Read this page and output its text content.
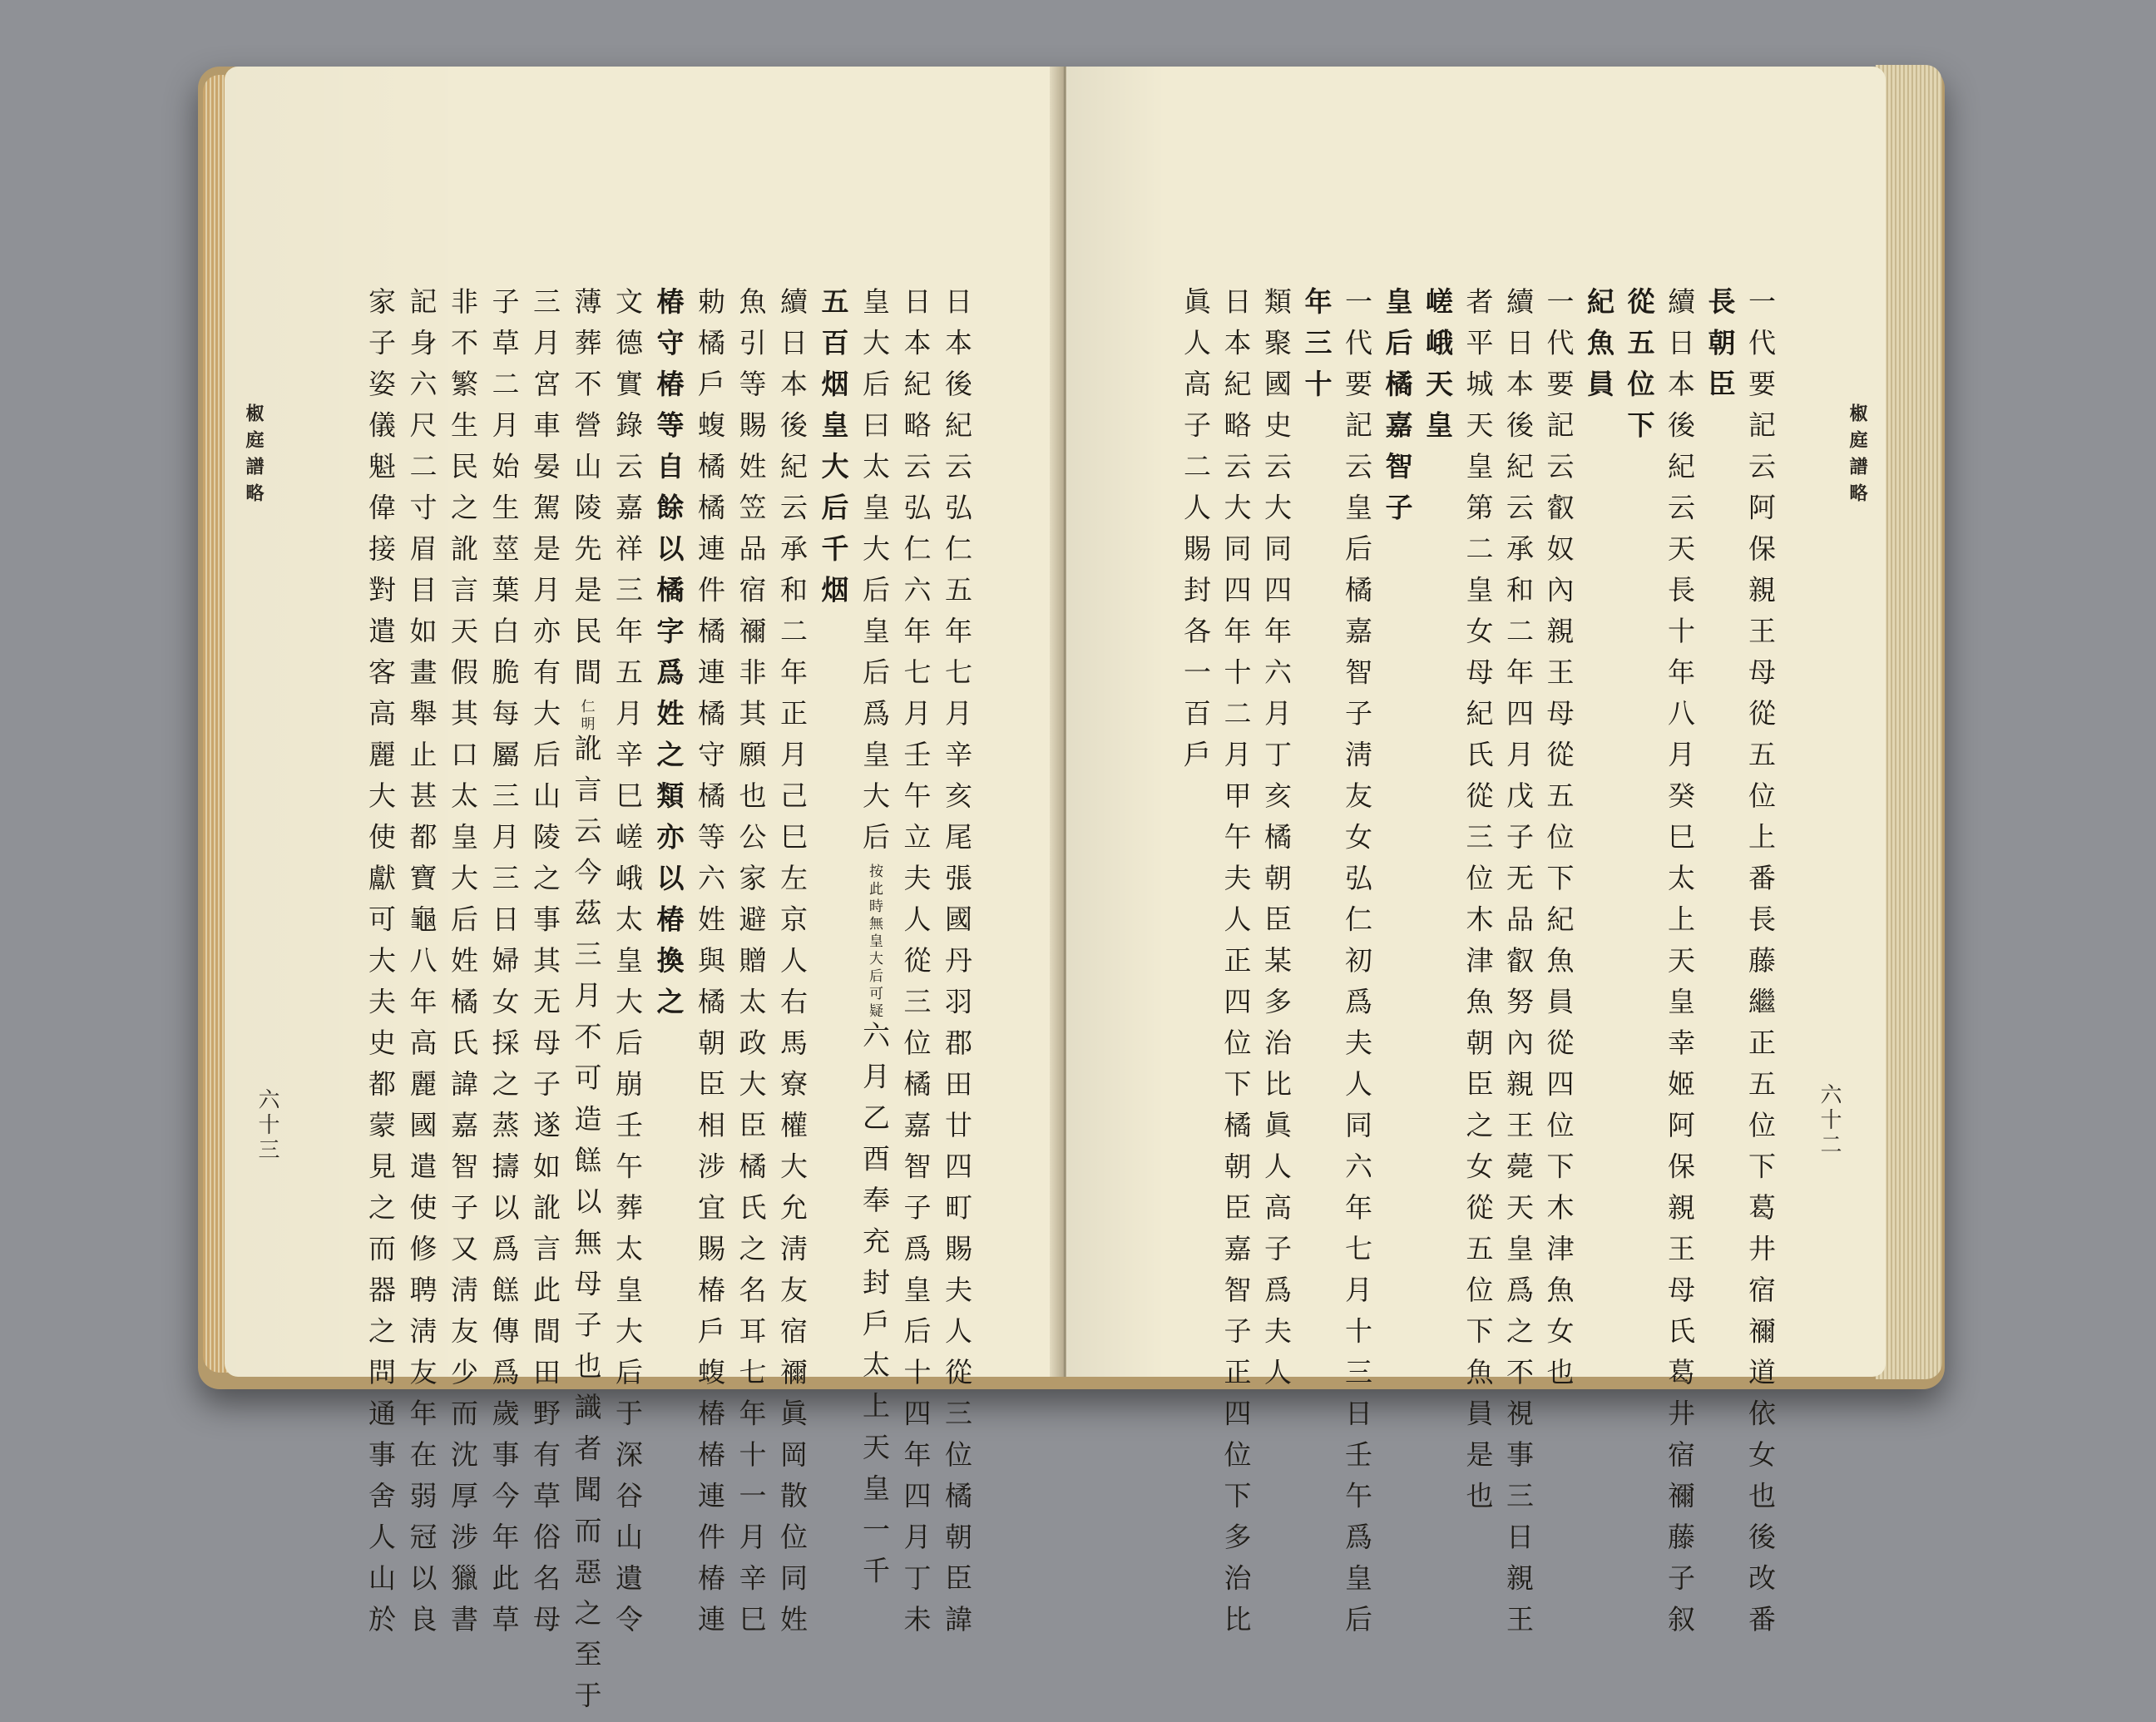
椒庭譜略
六十三	日本後紀云弘仁五年七月辛亥尾張國丹羽郡田廿四町賜夫人從三位橘朝臣諱
日本紀略云弘仁六年七月壬午立夫人從三位橘嘉智子爲皇后十四年四月丁未
皇大后曰太皇大后皇后爲皇大后按此時無皇大后可疑六月乙酉奉充封戶太上天皇一千
五百烟皇大后千烟
續日本後紀云承和二年正月己巳左京人右馬寮權大允淸友宿禰眞岡散位同姓
魚引等賜姓笠品宿禰非其願也公家避贈太政大臣橘氏之名耳七年十一月辛巳
勅橘戶蝮橘橘連件橘連橘守橘等六姓與橘朝臣相涉宜賜椿戶蝮椿椿連件椿連
椿守椿等自餘以橘字爲姓之類亦以椿換之
文德實錄云嘉祥三年五月辛巳嵯峨太皇大后崩壬午葬太皇大后于深谷山遺令
薄葬不營山陵先是民間仁明訛言云今茲三月不可造餻以無母子也識者聞而惡之至于
三月宮車晏駕是月亦有大后山陵之事其无母子遂如訛言此間田野有草俗名母
子草二月始生莖葉白脆每屬三月三日婦女採之蒸擣以爲餻傳爲歲事今年此草
非不繁生民之訛言天假其口太皇大后姓橘氏諱嘉智子又淸友少而沈厚涉獵書
記身六尺二寸眉目如畫舉止甚都寶龜八年高麗國遣使修聘淸友年在弱冠以良
家子姿儀魁偉接對遣客高麗大使獻可大夫史都蒙見之而器之問通事舍人山於	椒庭譜略
六十二
一代要記云阿保親王母從五位上番長藤繼正五位下葛井宿禰道依女也後改番
長朝臣
續日本後紀云天長十年八月癸巳太上天皇幸姬阿保親王母氏葛井宿禰藤子叙
從五位下
紀魚員
一代要記云叡奴內親王母從五位下紀魚員從四位下木津魚女也
續日本後紀云承和二年四月戊子无品叡努內親王薨天皇爲之不視事三日親王
者平城天皇第二皇女母紀氏從三位木津魚朝臣之女從五位下魚員是也
嵯峨天皇
皇后橘嘉智子
一代要記云皇后橘嘉智子淸友女弘仁初爲夫人同六年七月十三日壬午爲皇后
年三十
類聚國史云大同四年六月丁亥橘朝臣某多治比眞人高子爲夫人
日本紀略云大同四年十二月甲午夫人正四位下橘朝臣嘉智子正四位下多治比
眞人高子二人賜封各一百戶
